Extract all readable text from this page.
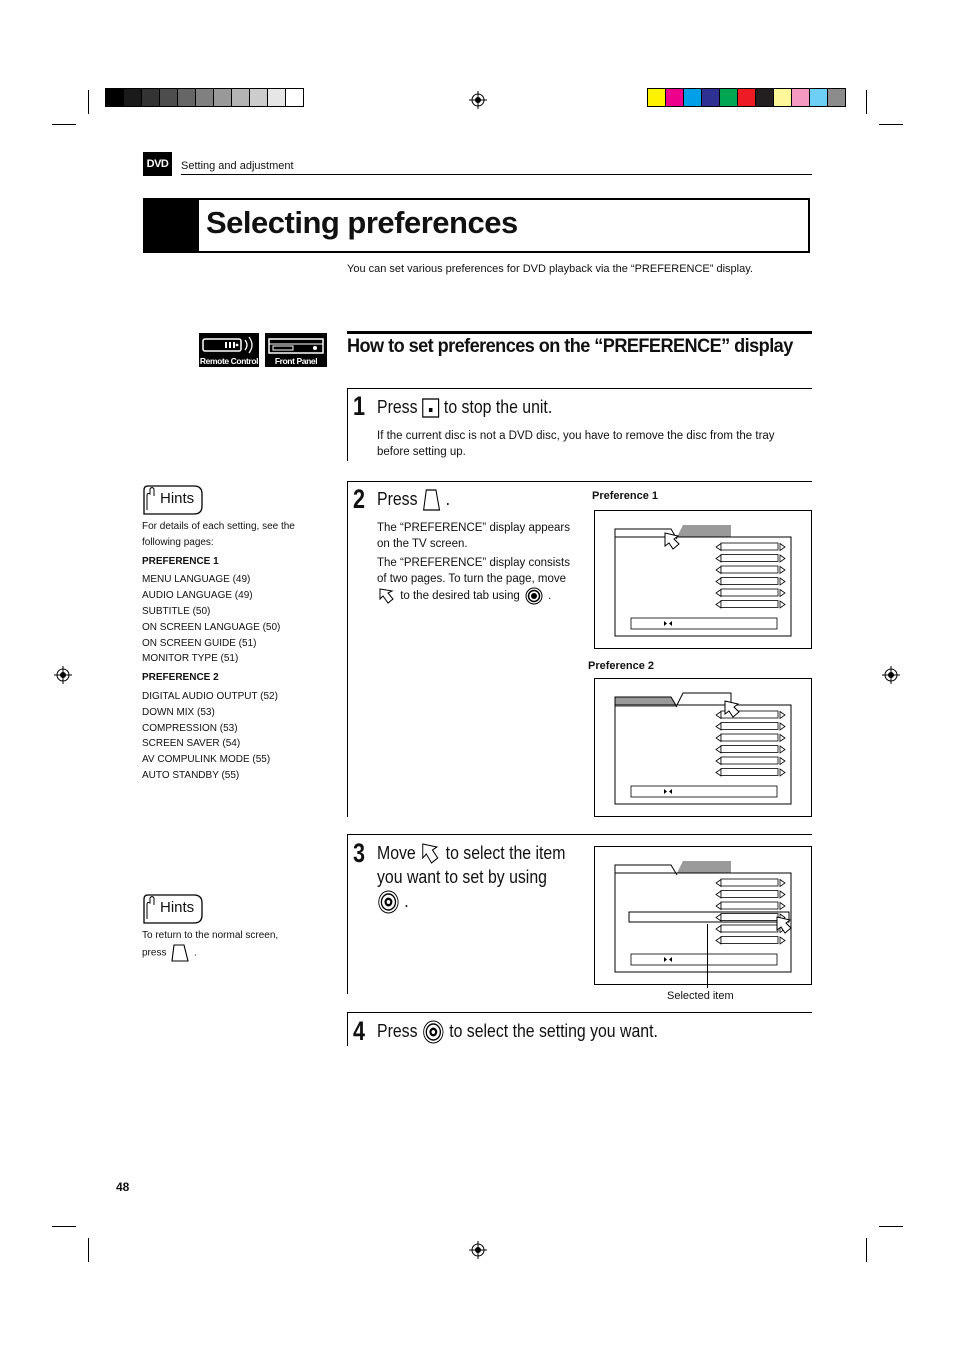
DVD	Setting and adjustment
Selecting preferences
You can set various preferences for DVD playback via the “PREFERENCE” display.
Remote Control	Front Panel
How to set preferences on the “PREFERENCE” display
1 Press to stop the unit.
If the current disc is not a DVD disc, you have to remove the disc from the tray before setting up.
2 Press .
The “PREFERENCE” display appears on the TV screen.
The “PREFERENCE” display consists of two pages. To turn the page, move  to the desired tab using .
Preference 1
Preference 2
3 Move to select the item you want to set by using
.
Selected item
4 Press to select the setting you want.
Hints
For details of each setting, see the following pages:
PREFERENCE 1
MENU LANGUAGE (49)
AUDIO LANGUAGE (49)
SUBTITLE (50)
ON SCREEN LANGUAGE (50)
ON SCREEN GUIDE (51)
MONITOR TYPE (51)
PREFERENCE 2
DIGITAL AUDIO OUTPUT (52)
DOWN MIX (53)
COMPRESSION (53)
SCREEN SAVER (54)
AV COMPULINK MODE (55)
AUTO STANDBY (55)
Hints
To return to the normal screen,
press	.
48
